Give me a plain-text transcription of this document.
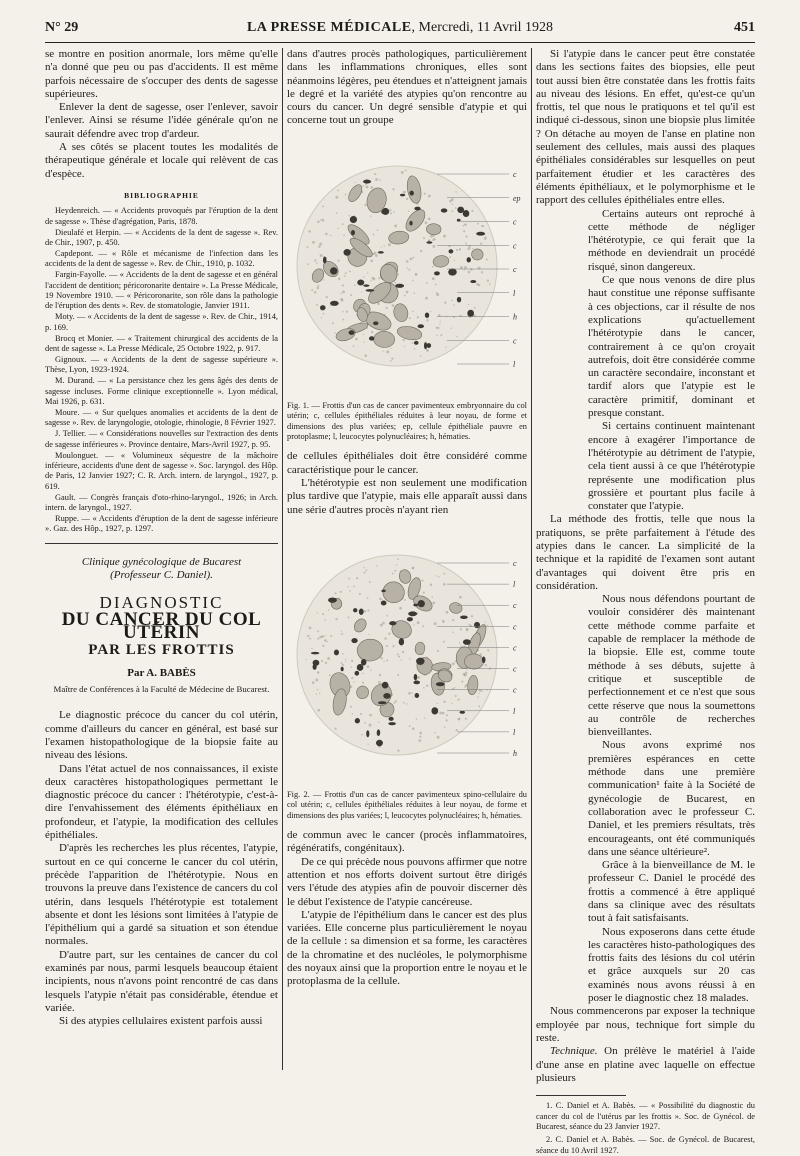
N° 29	LA PRESSE MÉDICALE, Mercredi, 11 Avril 1928	451

se montre en position anormale, lors même qu'elle n'a donné que peu ou pas d'accidents. Il est même parfois nécessaire de s'occuper des dents de sagesse supérieures.

Enlever la dent de sagesse, oser l'enlever, savoir l'enlever. Ainsi se résume l'idée générale qu'on ne saurait défendre avec trop d'ardeur.

A ses côtés se placent toutes les modalités de thérapeutique générale et locale qui relèvent de cas d'espèce.

BIBLIOGRAPHIE

Heydenreich. — « Accidents provoqués par l'éruption de la dent de sagesse ». Thèse d'agrégation, Paris, 1878.

Dieulafé et Herpin. — « Accidents de la dent de sagesse ». Rev. de Chir., 1907, p. 450.

Capdepont. — « Rôle et mécanisme de l'infection dans les accidents de la dent de sagesse ». Rev. de Chir., 1910, p. 1032.

Fargin-Fayolle. — « Accidents de la dent de sagesse et en général l'accident de dentition; péricoronarite dentaire ». La Presse Médicale, 19 Novembre 1910. — « Péricoronarite, son rôle dans la pathologie de l'éruption des dents ». Rev. de stomatologie, Janvier 1911.

Moty. — « Accidents de la dent de sagesse ». Rev. de Chir., 1914, p. 169.

Brocq et Monier. — « Traitement chirurgical des accidents de la dent de sagesse ». La Presse Médicale, 25 Octobre 1922, p. 917.

Gignoux. — « Accidents de la dent de sagesse supérieure ». Thèse, Lyon, 1923-1924.

M. Durand. — « La persistance chez les gens âgés des dents de sagesse incluses. Forme clinique exceptionnelle ». Lyon médical, Mai 1926, p. 631.

Moure. — « Sur quelques anomalies et accidents de la dent de sagesse ». Rev. de laryngologie, otologie, rhinologie, 8 Février 1927.

J. Tellier. — « Considérations nouvelles sur l'extraction des dents de sagesse inférieures ». Province dentaire, Mars-Avril 1927, p. 95.

Moulonguet. — « Volumineux séquestre de la mâchoire inférieure, accidents d'une dent de sagesse ». Soc. laryngol. des Hôp. de Paris, 12 Janvier 1927; C. R. Arch. intern. de laryngol., 1927, p. 619.

Gault. — Congrès français d'oto-rhino-laryngol., 1926; in Arch. intern. de laryngol., 1927.

Ruppe. — « Accidents d'éruption de la dent de sagesse inférieure ». Gaz. des Hôp., 1927, p. 1297.

Clinique gynécologique de Bucarest
(Professeur C. Daniel).
DIAGNOSTIC
DU CANCER DU COL UTÉRIN
PAR LES FROTTIS
Par A. BABÈS
Maître de Conférences à la Faculté de Médecine de Bucarest.

Le diagnostic précoce du cancer du col utérin, comme d'ailleurs du cancer en général, est basé sur l'examen histopathologique de la biopsie faite au niveau des lésions.

Dans l'état actuel de nos connaissances, il existe deux caractères histopathologiques permettant le diagnostic précoce du cancer : l'hétérotypie, c'est-à-dire l'envahissement des éléments épithéliaux en profondeur, et l'atypie, la modification des cellules épithéliales.

D'après les recherches les plus récentes, l'atypie, surtout en ce qui concerne le cancer du col utérin, précède l'apparition de l'hétérotypie. Nous en trouvons la preuve dans l'existence de cancers du col utérin, dans lesquels l'hétérotypie est totalement absente et dont les lésions sont limitées à l'atypie de l'épithélium qui a gardé sa situation et son étendue normales.

D'autre part, sur les centaines de cancer du col examinés par nous, parmi lesquels beaucoup étaient incipients, nous n'avons point rencontré de cas dans lesquels l'atypie n'était pas considérable, étendue et variée.

Si des atypies cellulaires existent parfois aussi

dans d'autres procès pathologiques, particulièrement dans les inflammations chroniques, elles sont néanmoins légères, peu étendues et n'atteignent jamais le degré et la variété des atypies qu'on rencontre au cours du cancer. Un degré sensible d'atypie et qui concerne tout un groupe

c
ep
c
c
c
l
h
c
l
Fig. 1. — Frottis d'un cas de cancer pavimenteux embryonnaire du col utérin; c, cellules épithéliales réduites à leur noyau, de forme et dimensions des plus variées; ep, cellule épithéliale pauvre en protoplasme; l, leucocytes polynucléaires; h, hématies.

de cellules épithéliales doit être considéré comme caractéristique pour le cancer.

L'hétérotypie est non seulement une modification plus tardive que l'atypie, mais elle apparaît aussi dans une série d'autres procès n'ayant rien

c
l
c
c
c
c
c
l
l
h
Fig. 2. — Frottis d'un cas de cancer pavimenteux spino-cellulaire du col utérin; c, cellules épithéliales réduites à leur noyau, de forme et dimensions des plus variées; l, leucocytes polynucléaires; h, hématies.

de commun avec le cancer (procès inflammatoires, régénératifs, congénitaux).

De ce qui précède nous pouvons affirmer que notre attention et nos efforts doivent surtout être dirigés vers l'étude des atypies afin de pouvoir discerner dès le début l'existence de l'atypie cancéreuse.

L'atypie de l'épithélium dans le cancer est des plus variées. Elle concerne plus particulièrement le noyau de la cellule : sa dimension et sa forme, les caractères de la chromatine et des nucléoles, le polymorphisme des noyaux ainsi que la proportion entre le noyau et le protoplasma de la cellule.

Si l'atypie dans le cancer peut être constatée dans les sections faites des biopsies, elle peut tout aussi bien être constatée dans les frottis faits au niveau des lésions. En effet, qu'est-ce qu'un frottis, tel que nous le pratiquons et tel qu'il est indiqué ci-dessous, sinon une biopsie plus limitée ? On détache au moyen de l'anse en platine non seulement des cellules, mais aussi des plaques épithéliales considérables sur lesquelles on peut parfaitement étudier et les caractères des éléments épithéliaux, et le polymorphisme et le rapport des cellules épithéliales entre elles.

Certains auteurs ont reproché à cette méthode de négliger l'hétérotypie, ce qui ferait que la méthode en deviendrait un procédé risqué, sinon dangereux.

Ce que nous venons de dire plus haut constitue une réponse suffisante à ces objections, car il résulte de nos explications qu'actuellement l'hétérotypie dans le cancer, contrairement à ce qu'on croyait autrefois, doit être considérée comme un caractère secondaire, inconstant et tardif alors que l'atypie est le caractère primitif, dominant et presque constant.

Si certains continuent maintenant encore à exagérer l'importance de l'hétérotypie au détriment de l'atypie, cela tient aussi à ce que l'hétérotypie représente une modification plus grossière et pourtant plus facile à constater que l'atypie.

La méthode des frottis, telle que nous la pratiquons, se prête parfaitement à l'étude des atypies dans le cancer. La simplicité de la technique et la rapidité de l'examen sont autant d'avantages qui doivent être pris en considération.

Nous nous défendons pourtant de vouloir considérer dès maintenant cette méthode comme parfaite et capable de remplacer la méthode de la biopsie. Elle est, comme toute méthode à ses débuts, sujette à critique et susceptible de perfectionnement et ce n'est que sous cette réserve que nous la soumettons au contrôle de recherches bienveillantes.

Nous avons exprimé nos premières espérances en cette méthode dans une première communication¹ faite à la Société de gynécologie de Bucarest, en collaboration avec le professeur C. Daniel, et les premiers résultats, très encourageants, ont été communiqués dans une séance ultérieure².

Grâce à la bienveillance de M. le professeur C. Daniel le procédé des frottis a commencé à être appliqué dans sa clinique avec des résultats tout à fait satisfaisants.

Nous exposerons dans cette étude les caractères histo-pathologiques des frottis faits des lésions du col utérin et grâce auxquels sur 20 cas examinés nous avons réussi à en poser le diagnostic chez 18 malades.

Nous commencerons par exposer la technique employée par nous, technique fort simple du reste.

Technique. On prélève le matériel à l'aide d'une anse en platine avec laquelle on effectue plusieurs

1. C. Daniel et A. Babès. — « Possibilité du diagnostic du cancer du col de l'utérus par les frottis ». Soc. de Gynécol. de Bucarest, séance du 23 Janvier 1927.

2. C. Daniel et A. Babès. — Soc. de Gynécol. de Bucarest, séance du 10 Avril 1927.
